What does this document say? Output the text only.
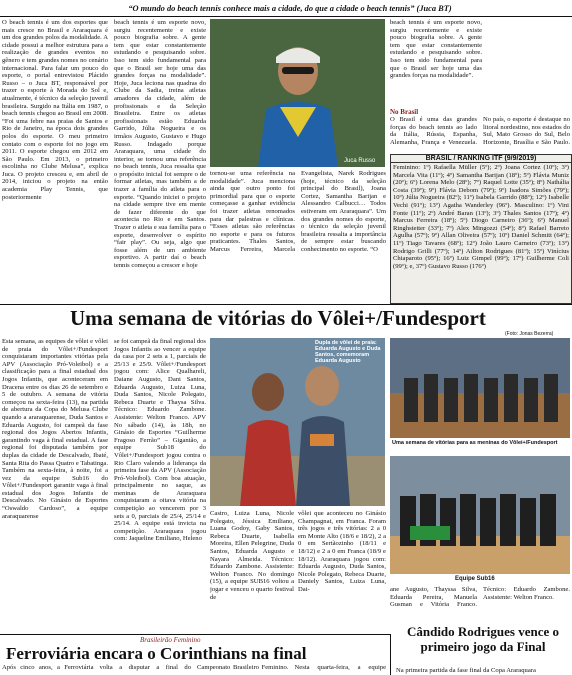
“O mundo do beach tennis conhece mais a cidade, do que a cidade o beach tennis” (Juca BT)
O beach tennis é um dos esportes que mais cresce no Brasil e Araraquara é um dos grandes polos da modalidade. A cidade possui a melhor estrutura para a realização de grandes eventos no gênero e tem grandes nomes no cenário internacional. Para falar um pouco do esporte, o portal entrevistou Plácido Russo – o Juca BT, responsável por trazer o esporte à Morada do Sol e, atualmente, é técnico da seleção juvenil brasileira. Surgido na Itália em 1987, o beach tennis chegou ao Brasil em 2008. “Foi uma febre nas praias de Santos e Rio de Janeiro, na época dois grandes polos do esporte. O meu primeiro contato com o esporte foi no jogo em 2011. O esporte chegou em 2012 em São Paulo. Em 2013, o primeiro escolinha no Clube Melusa”, explica Juca. O projeto cresceu e, em abril de 2014, iniciou o projeto na então academia Play Tennis, que posteriormente
beach tennis é um esporte novo, surgiu recentemente e existe pouco biografia sobre. A gente tem que estar constantemente estudando e pesquisando sobre. Isso tem sido fundamental para que o Brasil ser hoje uma das grandes forças na modalidade”. Hoje, Juca leciona nas quadras do Clube da Sadia, treina atletas amadores da cidade, além de profissionais e da Seleção Brasileira. Entre os atletas profissionais estão Eduarda Garrido, Júlia Nogueira e os irmãos Augusto, Gustavo e Hugo Russo. Indagado porque Araraquara, uma cidade do interior, se tornou uma referência no beach tennis, Juca ressalta que o propósito inicial foi sempre o de formar atletas, mas também a de trazer a família do atleta para o esporte. “Quando iniciei o projeto na cidade sempre tive em mente de fazer diferente do que acontecia no Rio e em Santos. Trazer o atleta e sua família para o esporte, desenvolver o espírito “fair play”. Ou seja, algo que fosse além de um ambiente esportivo. A partir daí o beach tennis começou a crescer e hoje
Juca Russo
tornou-se uma referência na modalidade”. Juca menciona ainda que outro ponto foi primordial para que o esporte começasse a ganhar evidência foi trazer atletas renomados para dar palestras e clínicas. “Esses atletas são referências no esporte e para os futuros praticantes. Thales Santos, Marcus Ferreira, Marcela Evangelista, Narek Rodrigues (hoje, técnico da seleção principal do Brasil), Joana Cortez, Samantha Barijan e Alessandro Calbucci… Todos estiveram em Araraquara”. Um dos grandes nomes do esporte, o técnico da seleção juvenil brasileira ressalta a importância de sempre estar buscando conhecimento no esporte. “O
beach tennis é um esporte novo, surgiu recentemente e existe pouco biografia sobre. A gente tem que estar constantemente estudando e pesquisando sobre. Isso tem sido fundamental para que o Brasil ser hoje uma das grandes forças na modalidade”.
No Brasil
O Brasil é uma das grandes forças do beach tennis ao lado da Itália, Rússia, Espanha, Alemanha, França e Venezuela. No país, o esporte é destaque no litoral nordestino, nos estados do Sul, Mato Grosso do Sul, Belo Horizonte, Brasília e São Paulo.
BRASIL / RANKING ITF (9/9/2019)
Feminino: 1º) Rafaella Müller (5º); 2º) Joana Cortez (10º); 3º) Marcela Vita (11º); 4º) Samantha Barijan (18º); 5º) Flávia Muniz (20º); 6º) Lorena Melo (28º); 7º) Raquel Lotte (35º); 8º) Nathália Costa (39º); 9º) Flávia Debom (79º); 9º) Isadora Simões (79º); 10º) Júlia Nogueira (82º); 11º) Isabela Garrido (88º); 12º) Isabelle Vechi (91º); 13º) Agatha Wanderley (96º). Masculino: 1º) Vini Fonte (11º); 2º) André Baran (13º); 3º) Thales Santos (17º); 4º) Marcus Ferreira (18º); 5º) Diogo Carneiro (36º); 6º) Manuel Ringhstetter (33º); 7º) Alex Mingozzi (54º); 8º) Rafael Barreto Agulha (57º); 9º) Allan Oliveira (57º); 10º) Daniel Schmitt (64º); 11º) Tiago Tavares (68º); 12º) João Lauro Carneiro (73º); 13º) Rodrigo Grilli (77º); 14º) Ailton Rodrigues (81º); 15º) Vinícius Chiaparoto (95º); 16º) Luiz Gimpel (99º); 17º) Guilherme Coli (99º); e, 37º) Gustavo Russo (176º)
Uma semana de vitórias do Vôlei+/Fundesport
(Foto: Jonas Bezerra)
Esta semana, as equipes de vôlei e vôlei de praia do Vôlei+/Fundesport conquistaram importantes vitórias pela APV (Associação Pró-Voleibol) e a classificação para a final estadual dos Jogos Infantis, que aconteceram em Dracena entre os dias 26 de setembro e 5 de outubro. A semana de vitória começou na sexta-feira (13), na partida de abertura da Copa do Melusa Clube quando a araraquarense, Duda Santos e Eduarda Augusto, foi campeã da fase regional dos Jogos Abertos Infantis, garantindo vaga à final estadual. A fase regional foi disputada também por duplas da cidade de Descalvado, Ibaté, Santa Rita do Passa Quatro e Tabatinga. Também na sexta-feira, à noite, foi a vez da equipe Sub16 do Vôlei+/Fundesport garantir vaga à final estadual dos Jogos Infantis de Descalvado. No Ginásio de Esportes “Oswaldo Cardoso”, a equipe araraquarense
se foi campeã da final regional dos Jogos Infantis ao vencer a equipe da casa por 2 sets a 1, parciais de 25/13 e 25/9. Vôlei+/Fundesport jogou com: Alice Qualhareli, Daiane Augusto, Dani Santos, Eduarda Augusto, Luiza Luna, Duda Santos, Nicole Polegato, Rebeca Duarte e Thaysa Silva. Técnico: Eduardo Zambone. Assistente: Welton Franco. APV No sábado (14), às 18h, no Ginásio de Esportes “Guilherme Fragoso Ferrão” – Gigantão, a equipe Sub18 do Vôlei+/Fundesport jogou contra o Rio Claro valendo a liderança da primeira fase da APV (Associação Pró-Voleibol). Com boa atuação, principalmente no saque, as meninas de Araraquara conquistaram a oitava vitória na competição ao vencerem por 3 sets a 0, parciais de 25/4, 25/14 e 25/14. A equipe está invicta na competição. Araraquara jogou com: Jaqueline Emiliano, Heleno
Dupla de vôlei de praia: Eduarda Augusto e Duda Santos, comemoram Eduarda Augusto
Castro, Luiza Luna, Nicole Polegato, Jéssica Emiliano, Luana Godoy, Gaby Santos, Rebeca Duarte, Isabella Moreira, Ellen Pelegrine, Duda Santos, Eduarda Augusto e Nayara Almeida. Técnico: Eduardo Zambone. Assistente: Welton Franco. No domingo (15), a equipe SUB16 voltou a jogar e venceu o quarto festival de
vôlei que aconteceu no Ginásio Champagnat, em Franca. Foram três jogos e três vitórias: 2 a 0 em Monte Alto (18/6 e 18/2), 2 a 0 em Sertãozinho (18/11 e 18/12) e 2 a 0 em Franca (18/9 e 18/12). Araraquara jogou com: Eduarda Augusto, Duda Santos, Nicole Polegato, Rebeca Duarte, Daniely Santos, Luiza Luna, Dai-
Uma semana de vitórias para as meninas do Vôlei+/Fundesport
Equipe Sub16
ane Augusto, Thayssa Silva, Eduarda Pereira, Manuela Gusman e Vitória Franco. Técnico: Eduardo Zambone. Assistente: Welton Franco.
Brasileirão Feminino
Ferroviária encara o Corinthians na final
Após cinco anos, a Ferroviária volta a disputar a final do Campeonato Brasileiro Feminino. Nesta quarta-feira, a equipe
Cândido Rodrigues vence o primeiro jogo da Final
Na primeira partida da fase final da Copa Araraquara
